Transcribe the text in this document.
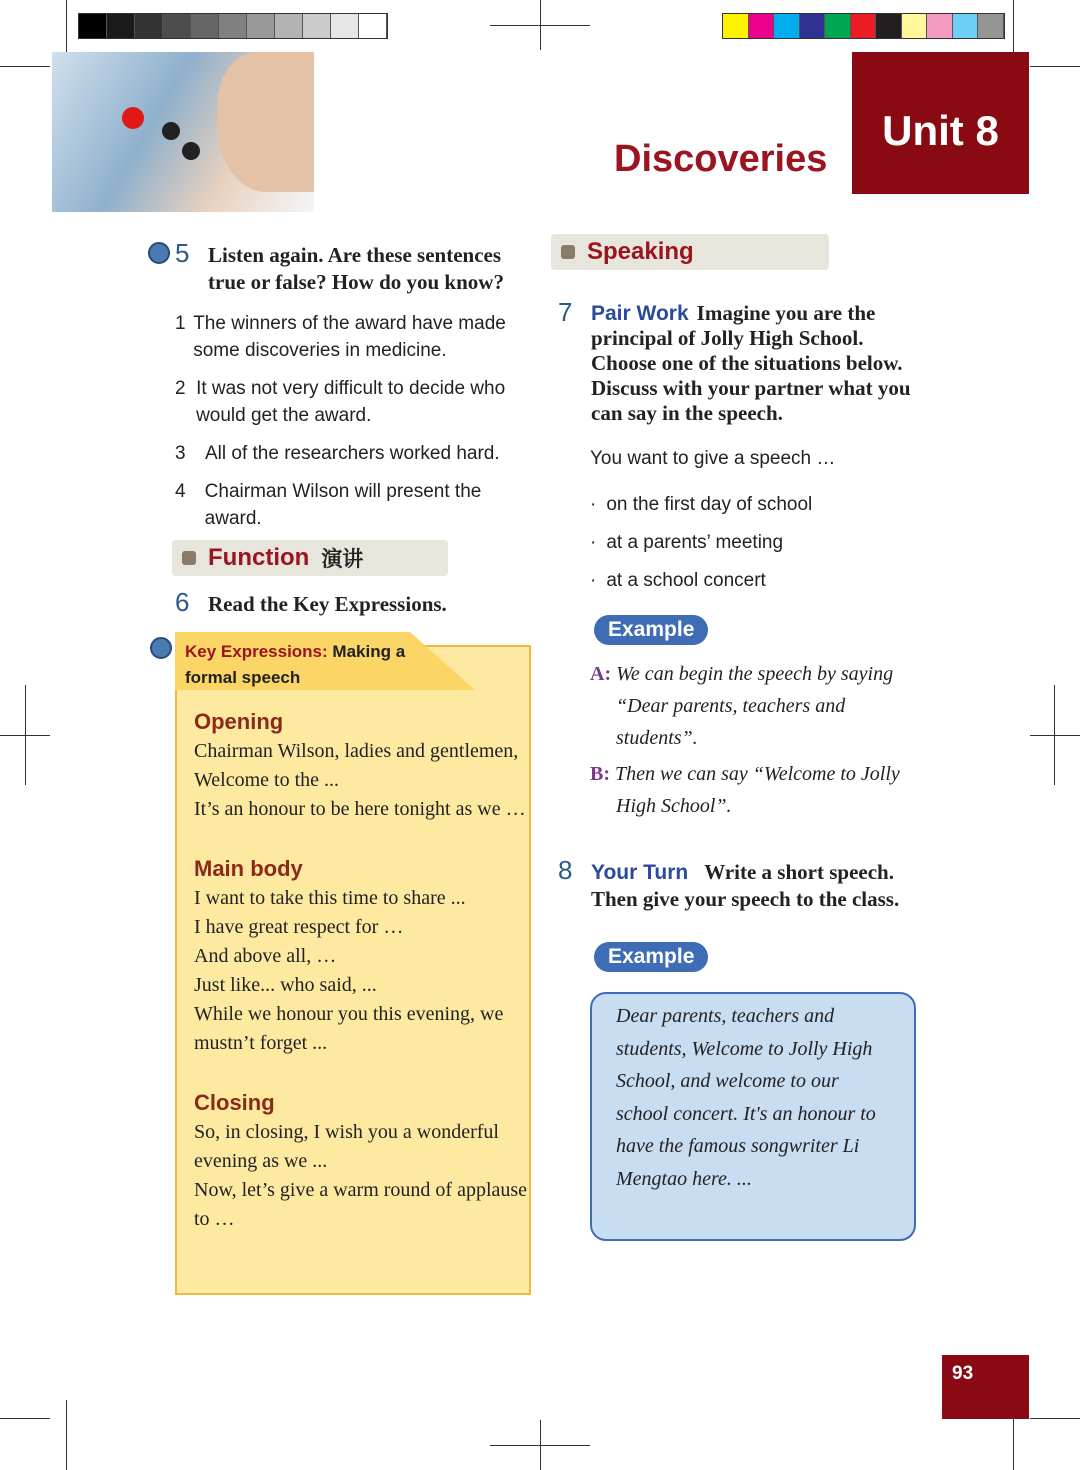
Unit 8
Discoveries
5 Listen again. Are these sentences true or false? How do you know?
1 The winners of the award have made some discoveries in medicine.
2 It was not very difficult to decide who would get the award.
3	All of the researchers worked hard.
4	Chairman Wilson will present the award.
Function 演讲
6 Read the Key Expressions.
Key Expressions: Making a formal speech
Opening
Chairman Wilson, ladies and gentlemen,
Welcome to the ...
It’s an honour to be here tonight as we …
Main body
I want to take this time to share ...
I have great respect for …
And above all, …
Just like... who said, ...
While we honour you this evening, we mustn’t forget ...
Closing
So, in closing, I wish you a wonderful evening as we ...
Now, let’s give a warm round of applause to …
Speaking
7 Pair Work Imagine you are the principal of Jolly High School. Choose one of the situations below. Discuss with your partner what you can say in the speech.
You want to give a speech …
· on the first day of school
· at a parents’ meeting
· at a school concert
Example
A: We can begin the speech by saying “Dear parents, teachers and students”.
B: Then we can say “Welcome to Jolly High School”.
8 Your Turn Write a short speech. Then give your speech to the class.
Example
Dear parents, teachers and students, Welcome to Jolly High School, and welcome to our school concert. It's an honour to have the famous songwriter Li Mengtao here. ...
93
